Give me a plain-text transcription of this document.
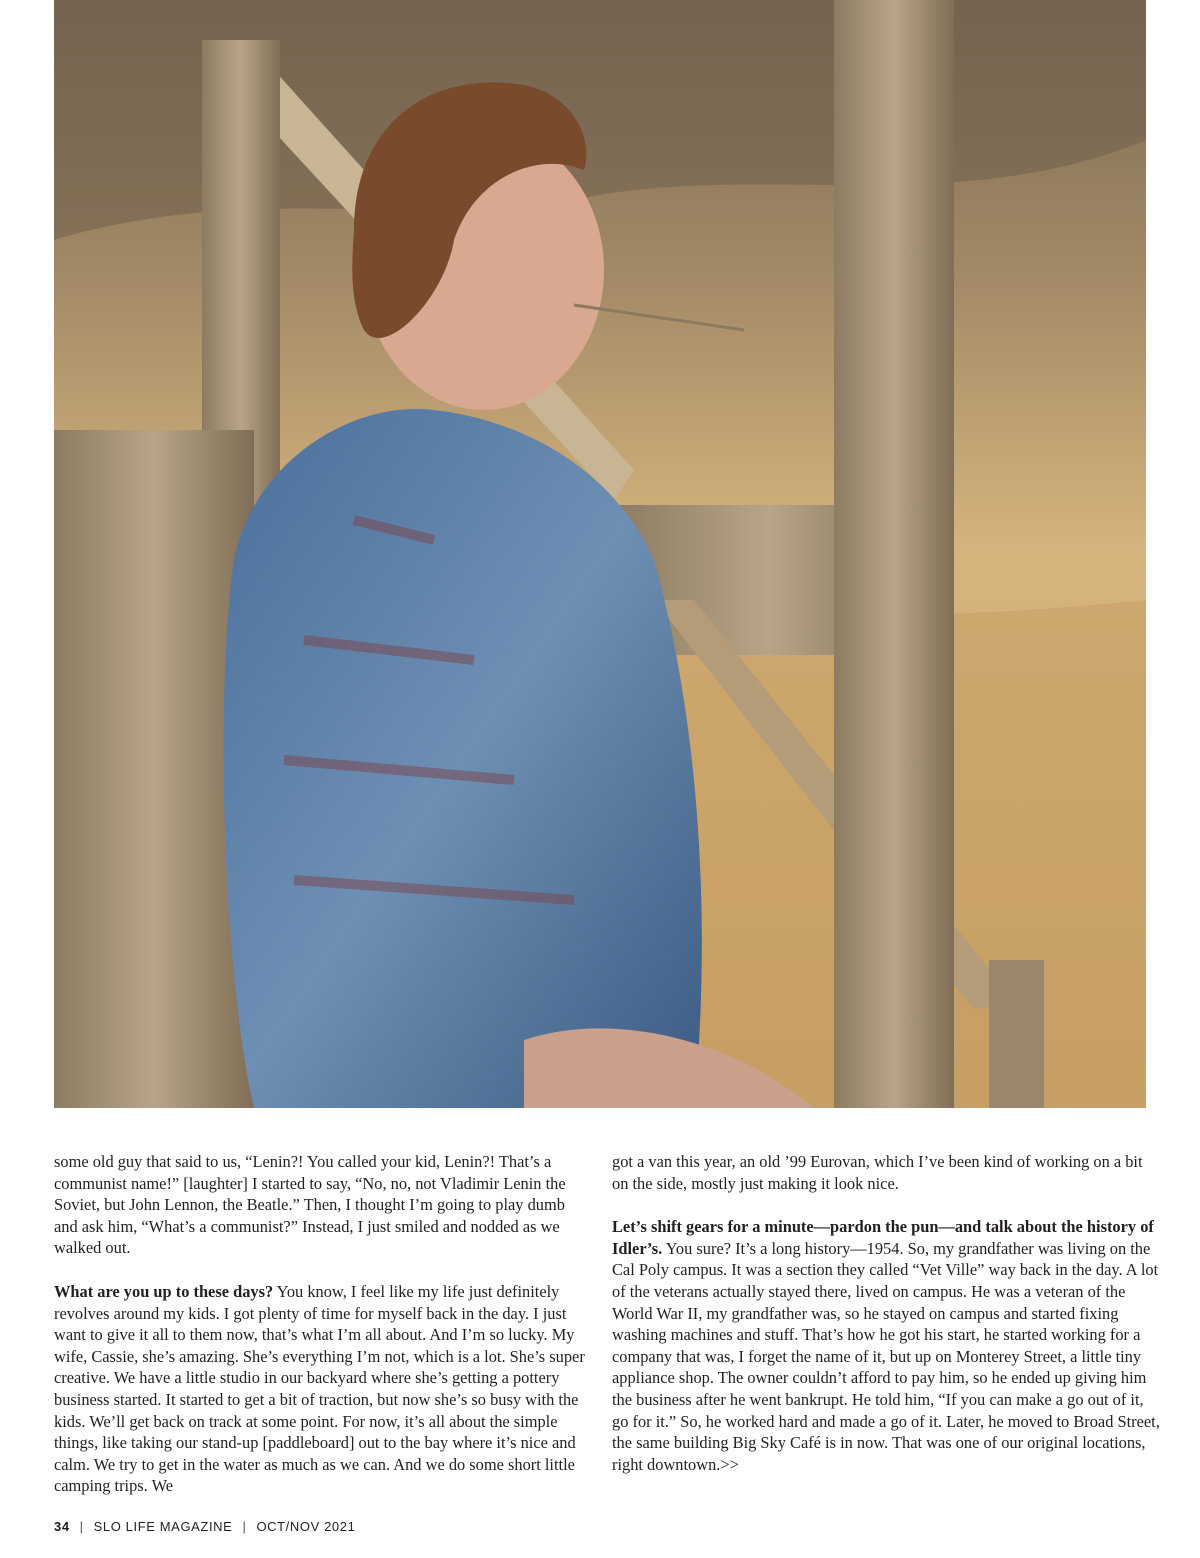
some old guy that said to us, “Lenin?! You called your kid, Lenin?! That’s a communist name!” [laughter] I started to say, “No, no, not Vladimir Lenin the Soviet, but John Lennon, the Beatle.” Then, I thought I’m going to play dumb and ask him, “What’s a communist?” Instead, I just smiled and nodded as we walked out.

What are you up to these days? You know, I feel like my life just definitely revolves around my kids. I got plenty of time for myself back in the day. I just want to give it all to them now, that’s what I’m all about. And I’m so lucky. My wife, Cassie, she’s amazing. She’s everything I’m not, which is a lot. She’s super creative. We have a little studio in our backyard where she’s getting a pottery business started. It started to get a bit of traction, but now she’s so busy with the kids. We’ll get back on track at some point. For now, it’s all about the simple things, like taking our stand-up [paddleboard] out to the bay where it’s nice and calm. We try to get in the water as much as we can. And we do some short little camping trips. We

got a van this year, an old ’99 Eurovan, which I’ve been kind of working on a bit on the side, mostly just making it look nice.

Let’s shift gears for a minute—pardon the pun—and talk about the history of Idler’s. You sure? It’s a long history—1954. So, my grandfather was living on the Cal Poly campus. It was a section they called “Vet Ville” way back in the day. A lot of the veterans actually stayed there, lived on campus. He was a veteran of the World War II, my grandfather was, so he stayed on campus and started fixing washing machines and stuff. That’s how he got his start, he started working for a company that was, I forget the name of it, but up on Monterey Street, a little tiny appliance shop. The owner couldn’t afford to pay him, so he ended up giving him the business after he went bankrupt. He told him, “If you can make a go out of it, go for it.” So, he worked hard and made a go of it. Later, he moved to Broad Street, the same building Big Sky Café is in now. That was one of our original locations, right downtown.>>

34 | SLO LIFE MAGAZINE | OCT/NOV 2021
